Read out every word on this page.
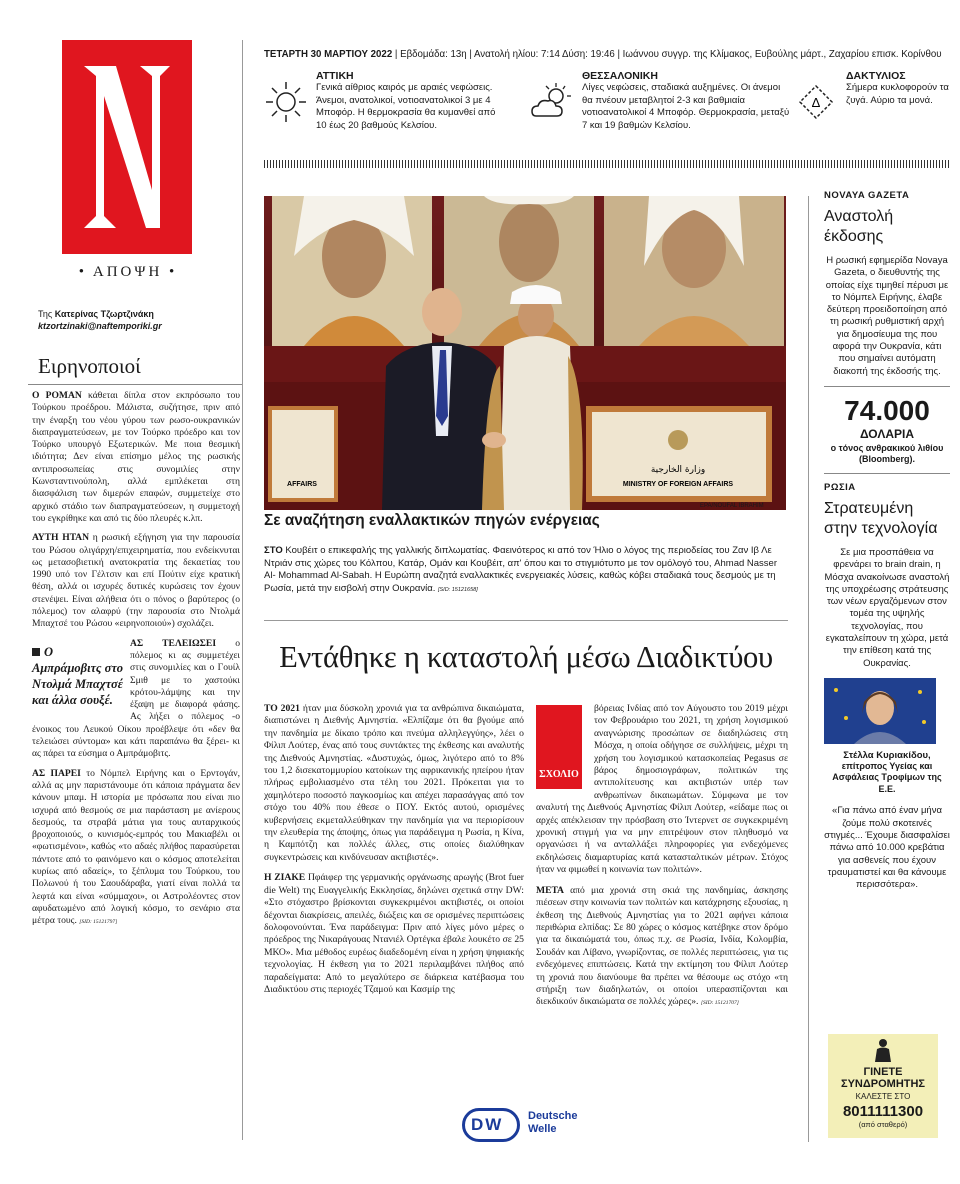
• ΑΠΟΨΗ •
Της Κατερίνας Τζωρτζινάκη
ktzortzinaki@naftemporiki.gr
Ειρηνοποιοί

Ο ΡΟΜΑΝ κάθεται δίπλα στον εκπρόσωπο του Τούρκου προέδρου. Μάλιστα, συζήτησε, πριν από την έναρξη του νέου γύρου των ρωσο-ουκρανικών διαπραγματεύσεων, με τον Τούρκο πρόεδρο και τον Τούρκο υπουργό Εξωτερικών. Με ποια θεσμική ιδιότητα; Δεν είναι επίσημο μέλος της ρωσικής αντιπροσωπείας στις συνομιλίες στην Κωνσταντινούπολη, αλλά εμπλέκεται στη διασφάλιση των διμερών επαφών, συμμετείχε στο αρχικό στάδιο των διαπραγματεύσεων, η συμμετοχή του εγκρίθηκε και από τις δύο πλευρές κ.λπ.

ΑΥΤΗ ΗΤΑΝ η ρωσική εξήγηση για την παρουσία του Ρώσου ολιγάρχη/επιχειρηματία, που ενδείκνυται ως μετασοβιετική ανατοκρατία της δεκαετίας του 1990 υπό τον Γέλτσιν και επί Πούτιν είχε κρατική θέση, αλλά οι ισχυρές δυτικές κυρώσεις τον έχουν στενέψει. Είναι αλήθεια ότι ο πόνος ο βαρύτερος (ο πόλεμος) τον αλαφρύ (την παρουσία στο Ντολμά Μπαχτσέ του Ρώσου «ειρηνοποιού») σχολάζει.

Ο Αμπράμοβιτς στο Ντολμά Μπαχτσέ και άλλα σουξέ.

ΑΣ ΤΕΛΕΙΩΣΕΙ ο πόλεμος κι ας συμμετέχει στις συνομιλίες και ο Γουίλ Σμιθ με το χαστούκι κρότου-λάμψης και την έξαψη με διαφορά φάσης. Ας λήξει ο πόλεμος -ο ένοικος του Λευκού Οίκου προέβλεψε ότι «δεν θα τελειώσει σύντομα» και κάτι παραπάνω θα ξέρει- κι ας πάρει τα εύσημα ο Αμπράμοβιτς.

ΑΣ ΠΑΡΕΙ το Νόμπελ Ειρήνης και ο Ερντογάν, αλλά ας μην παριστάνουμε ότι κάποια πράγματα δεν κάνουν μπαμ. Η ιστορία με πρόσωπα που είναι πιο ισχυρά από θεσμούς σε μια παράσταση με ανίερους δεσμούς, τα στραβά μάτια για τους αυταρχικούς βροχοποιούς, ο κυνισμός-εμπρός του Μακιαβέλι οι «φωτισμένοι», καθώς «το αδαές πλήθος παρασύρεται πάντοτε από το φαινόμενο και ο κόσμος αποτελείται κυρίως από αδαείς», το ξέπλυμα του Τούρκου, του Πολωνού ή του Σαουδάραβα, γιατί είναι πολλά τα λεφτά και είναι «σύμμαχοι», οι Αστρολέοντες στον αφυδατωμένο από λογική κόσμο, το σενάριο στα μέτρα τους. [SID: 15121797]

ΤΕΤΑΡΤΗ 30 ΜΑΡΤΙΟΥ 2022 | Εβδομάδα: 13η | Ανατολή ηλίου: 7:14 Δύση: 19:46 | Ιωάννου συγγρ. της Κλίμακος, Ευβούλης μάρτ., Ζαχαρίου επισκ. Κορίνθου
ΑΤΤΙΚΗ
Γενικά αίθριος καιρός με αραιές νεφώσεις. Άνεμοι, ανατολικοί, νοτιοανατολικοί 3 με 4 Μποφόρ. Η θερμοκρασία θα κυμανθεί από 10 έως 20 βαθμούς Κελσίου.
ΘΕΣΣΑΛΟΝΙΚΗ
Λίγες νεφώσεις, σταδιακά αυξημένες. Οι άνεμοι θα πνέουν μεταβλητοί 2-3 και βαθμιαία νοτιοανατολικοί 4 Μποφόρ. Θερμοκρασία, μεταξύ 7 και 19 βαθμών Κελσίου.
Δ
ΔΑΚΤΥΛΙΟΣ
Σήμερα κυκλοφορούν τα ζυγά. Αύριο τα μονά.
AFFAIRS
وزارة الخارجية
MINISTRY OF FOREIGN AFFAIRS
EPA/NOUFAL IBRAHIM
Σε αναζήτηση εναλλακτικών πηγών ενέργειας
ΣΤΟ Κουβέιτ ο επικεφαλής της γαλλικής διπλωματίας. Φαεινότερος κι από τον Ήλιο ο λόγος της περιοδείας του Ζαν Ιβ Λε Ντριάν στις χώρες του Κόλπου, Κατάρ, Ομάν και Κουβέιτ, απ' όπου και το στιγμιότυπο με τον ομόλογό του, Ahmad Nasser Al- Mohammad Al-Sabah. Η Ευρώπη αναζητά εναλλακτικές ενεργειακές λύσεις, καθώς κόβει σταδιακά τους δεσμούς με τη Ρωσία, μετά την εισβολή στην Ουκρανία. [SID: 15121658]
Εντάθηκε η καταστολή μέσω Διαδικτύου

ΤΟ 2021 ήταν μια δύσκολη χρονιά για τα ανθρώπινα δικαιώματα, διαπιστώνει η Διεθνής Αμνηστία. «Ελπίζαμε ότι θα βγούμε από την πανδημία με δίκαιο τρόπο και πνεύμα αλληλεγγύης», λέει ο Φίλιπ Λούτερ, ένας από τους συντάκτες της έκθεσης και αναλυτής της Διεθνούς Αμνηστίας. «Δυστυχώς, όμως, λιγότερο από το 8% του 1,2 δισεκατομμυρίου κατοίκων της αφρικανικής ηπείρου ήταν πλήρως εμβολιασμένο στα τέλη του 2021. Πρόκειται για το χαμηλότερο ποσοστό παγκοσμίως και απέχει παρασάγγας από τον στόχο του 40% που έθεσε ο ΠΟΥ. Εκτός αυτού, ορισμένες κυβερνήσεις εκμεταλλεύθηκαν την πανδημία για να περιορίσουν την ελευθερία της άποψης, όπως για παράδειγμα η Ρωσία, η Κίνα, η Καμπότζη και πολλές άλλες, στις οποίες διαλύθηκαν συγκεντρώσεις και κινδύνευσαν ακτιβιστές».

Η ΖΙΑΚΕ Πφάιφερ της γερμανικής οργάνωσης αρωγής (Brot fuer die Welt) της Ευαγγελικής Εκκλησίας, δηλώνει σχετικά στην DW: «Στο στόχαστρο βρίσκονται συγκεκριμένοι ακτιβιστές, οι οποίοι δέχονται διακρίσεις, απειλές, διώξεις και σε ορισμένες περιπτώσεις δολοφονούνται. Ένα παράδειγμα: Πριν από λίγες μόνο μέρες ο πρόεδρος της Νικαράγουας Ντανιέλ Ορτέγκα έβαλε λουκέτο σε 25 ΜΚΟ». Μια μέθοδος ευρέως διαδεδομένη είναι η χρήση ψηφιακής τεχνολογίας. Η έκθεση για το 2021 περιλαμβάνει πλήθος από παραδείγματα: Από το μεγαλύτερο σε διάρκεια κατέβασμα του Διαδικτύου στις περιοχές Τζαμού και Κασμίρ της

ΣΧΟΛΙΟ

βόρειας Ινδίας από τον Αύγουστο του 2019 μέχρι τον Φεβρουάριο του 2021, τη χρήση λογισμικού αναγνώρισης προσώπων σε διαδηλώσεις στη Μόσχα, η οποία οδήγησε σε συλλήψεις, μέχρι τη χρήση του λογισμικού κατασκοπείας Pegasus σε βάρος δημοσιογράφων, πολιτικών της αντιπολίτευσης και ακτιβιστών υπέρ των ανθρωπίνων δικαιωμάτων. Σύμφωνα με τον αναλυτή της Διεθνούς Αμνηστίας Φίλιπ Λούτερ, «είδαμε πως οι αρχές απέκλεισαν την πρόσβαση στο Ίντερνετ σε συγκεκριμένη χρονική στιγμή για να μην επιτρέψουν στον πληθυσμό να οργανώσει ή να ανταλλάξει πληροφορίες για ενδεχόμενες εκδηλώσεις διαμαρτυρίας κατά κατασταλτικών μέτρων. Στόχος ήταν να φιμωθεί η κοινωνία των πολιτών».

ΜΕΤΑ από μια χρονιά στη σκιά της πανδημίας, άσκησης πιέσεων στην κοινωνία των πολιτών και κατάχρησης εξουσίας, η έκθεση της Διεθνούς Αμνηστίας για το 2021 αφήνει κάποια περιθώρια ελπίδας: Σε 80 χώρες ο κόσμος κατέβηκε στον δρόμο για τα δικαιώματά του, όπως π.χ. σε Ρωσία, Ινδία, Κολομβία, Σουδάν και Λίβανο, γνωρίζοντας, σε πολλές περιπτώσεις, για τις ενδεχόμενες επιπτώσεις. Κατά την εκτίμηση του Φίλιπ Λούτερ τη χρονιά που διανύουμε θα πρέπει να θέσουμε ως στόχο «τη στήριξη των διαδηλωτών, οι οποίοι υπερασπίζονται και διεκδικούν δικαιώματα σε πολλές χώρες». [SID: 15121707]

DW Deutsche
Welle
NOVAYA GAZETA
Αναστολή έκδοσης
Η ρωσική εφημερίδα Novaya Gazeta, ο διευθυντής της οποίας είχε τιμηθεί πέρυσι με το Νόμπελ Ειρήνης, έλαβε δεύτερη προειδοποίηση από τη ρωσική ρυθμιστική αρχή για δημοσίευμα της που αφορά την Ουκρανία, κάτι που σημαίνει αυτόματη διακοπή της έκδοσής της.
74.000
ΔΟΛΑΡΙΑ
ο τόνος ανθρακικού λιθίου (Bloomberg).
ΡΩΣΙΑ
Στρατευμένη στην τεχνολογία
Σε μια προσπάθεια να φρενάρει το brain drain, η Μόσχα ανακοίνωσε αναστολή της υποχρέωσης στράτευσης των νέων εργαζόμενων στον τομέα της υψηλής τεχνολογίας, που εγκαταλείπουν τη χώρα, μετά την επίθεση κατά της Ουκρανίας.
Στέλλα Κυριακίδου,
επίτροπος Υγείας και Ασφάλειας Τροφίμων της Ε.Ε.
«Για πάνω από έναν μήνα ζούμε πολύ σκοτεινές στιγμές... Έχουμε διασφαλίσει πάνω από 10.000 κρεβάτια για ασθενείς που έχουν τραυματιστεί και θα κάνουμε περισσότερα».
ΓΙΝΕΤΕ
ΣΥΝΔΡΟΜΗΤΗΣ
ΚΑΛΕΣΤΕ ΣΤΟ
8011111300
(από σταθερό)
